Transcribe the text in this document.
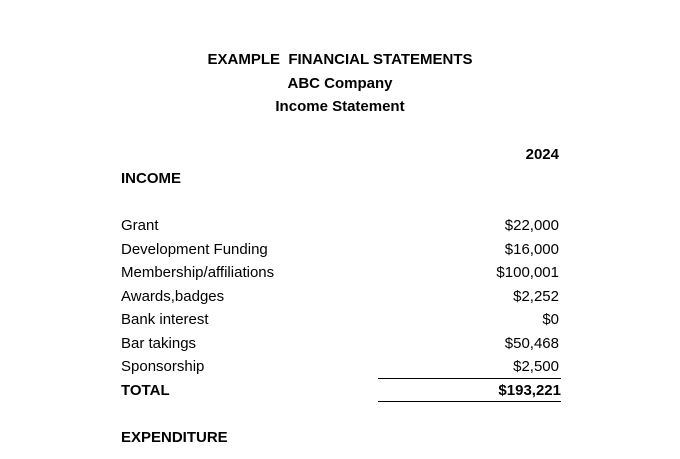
EXAMPLE  FINANCIAL STATEMENTS
ABC Company
Income Statement
2024
INCOME
Grant	$22,000
Development Funding	$16,000
Membership/affiliations	$100,001
Awards,badges	$2,252
Bank interest	$0
Bar takings	$50,468
Sponsorship	$2,500
TOTAL	$193,221
EXPENDITURE
